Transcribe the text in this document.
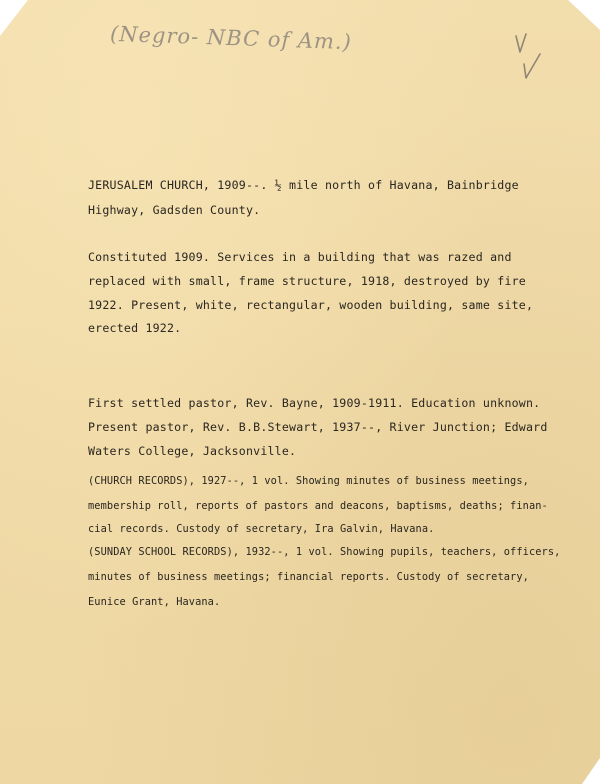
(Negro- NBC of Am.)
JERUSALEM CHURCH, 1909--. ½ mile north of Havana, Bainbridge
Highway, Gadsden County.
Constituted 1909. Services in a building that was razed and
replaced with small, frame structure, 1918, destroyed by fire
1922. Present, white, rectangular, wooden building, same site,
erected 1922.
First settled pastor, Rev. Bayne, 1909-1911. Education unknown.
Present pastor, Rev. B.B.Stewart, 1937--, River Junction; Edward
Waters College, Jacksonville.
(CHURCH RECORDS), 1927--, 1 vol. Showing minutes of business meetings,
membership roll, reports of pastors and deacons, baptisms, deaths; finan-
cial records. Custody of secretary, Ira Galvin, Havana.
(SUNDAY SCHOOL RECORDS), 1932--, 1 vol. Showing pupils, teachers, officers,
minutes of business meetings; financial reports. Custody of secretary,
Eunice Grant, Havana.
